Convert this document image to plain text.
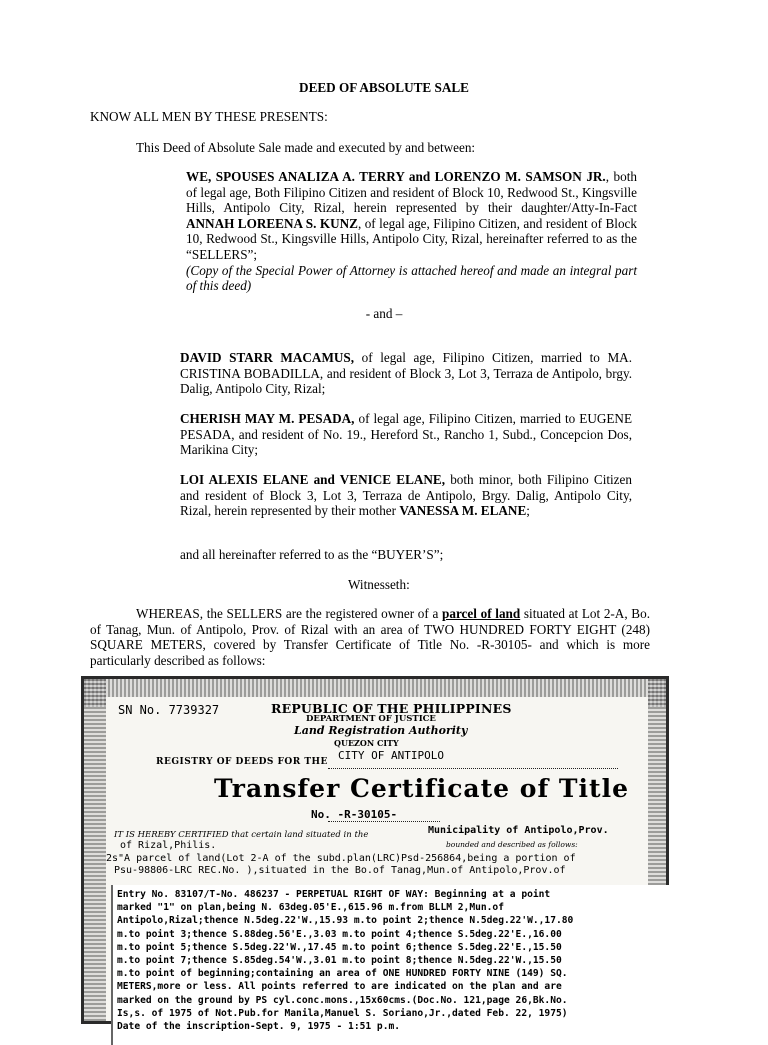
DEED OF ABSOLUTE SALE

KNOW ALL MEN BY THESE PRESENTS:

This Deed of Absolute Sale made and executed by and between:

WE, SPOUSES ANALIZA A. TERRY and LORENZO M. SAMSON JR., both of legal age, Both Filipino Citizen and resident of Block 10, Redwood St., Kingsville Hills, Antipolo City, Rizal, herein represented by their daughter/Atty-In-Fact ANNAH LOREENA S. KUNZ, of legal age, Filipino Citizen, and resident of Block 10, Redwood St., Kingsville Hills, Antipolo City, Rizal, hereinafter referred to as the “SELLERS”;
(Copy of the Special Power of Attorney is attached hereof and made an integral part of this deed)

- and –

DAVID STARR MACAMUS, of legal age, Filipino Citizen, married to MA. CRISTINA BOBADILLA, and resident of Block 3, Lot 3, Terraza de Antipolo, brgy. Dalig, Antipolo City, Rizal;

CHERISH MAY M. PESADA, of legal age, Filipino Citizen, married to EUGENE PESADA, and resident of No. 19., Hereford St., Rancho 1, Subd., Concepcion Dos, Marikina City;

LOI ALEXIS ELANE and VENICE ELANE, both minor, both Filipino Citizen and resident of Block 3, Lot 3, Terraza de Antipolo, Brgy. Dalig, Antipolo City, Rizal, herein represented by their mother VANESSA M. ELANE;

and all hereinafter referred to as the “BUYER’S”;

Witnesseth:

WHEREAS, the SELLERS are the registered owner of a parcel of land situated at Lot 2-A, Bo. of Tanag, Mun. of Antipolo, Prov. of Rizal with an area of TWO HUNDRED FORTY EIGHT (248) SQUARE METERS, covered by Transfer Certificate of Title No. -R-30105- and which is more particularly described as follows:

SN No. 7739327	REPUBLIC OF THE PHILIPPINES
DEPARTMENT OF JUSTICE
Land Registration Authority
QUEZON CITY
CITY OF ANTIPOLO
REGISTRY OF DEEDS FOR THE
Transfer Certificate of Title
No. -R-30105-
IT IS HEREBY CERTIFIED that certain land situated in the	Municipality of Antipolo,Prov.
of Rizal,Philis.	bounded and described as follows:
2s"A parcel of land(Lot 2-A of the subd.plan(LRC)Psd-256864,being a portion of
Psu-98806-LRC REC.No. ),situated in the Bo.of Tanag,Mun.of Antipolo,Prov.of
Entry No. 83107/T-No. 486237 - PERPETUAL RIGHT OF WAY: Beginning at a point
marked "1" on plan,being N. 63deg.05'E.,615.96 m.from BLLM 2,Mun.of
Antipolo,Rizal;thence N.5deg.22'W.,15.93 m.to point 2;thence N.5deg.22'W.,17.80
m.to point 3;thence S.88deg.56'E.,3.03 m.to point 4;thence S.5deg.22'E.,16.00
m.to point 5;thence S.5deg.22'W.,17.45 m.to point 6;thence S.5deg.22'E.,15.50
m.to point 7;thence S.85deg.54'W.,3.01 m.to point 8;thence N.5deg.22'W.,15.50
m.to point of beginning;containing an area of ONE HUNDRED FORTY NINE (149) SQ.
METERS,more or less. All points referred to are indicated on the plan and are
marked on the ground by PS cyl.conc.mons.,15x60cms.(Doc.No. 121,page 26,Bk.No.
Is,s. of 1975 of Not.Pub.for Manila,Manuel S. Soriano,Jr.,dated Feb. 22, 1975)
Date of the inscription-Sept. 9, 1975 - 1:51 p.m.
